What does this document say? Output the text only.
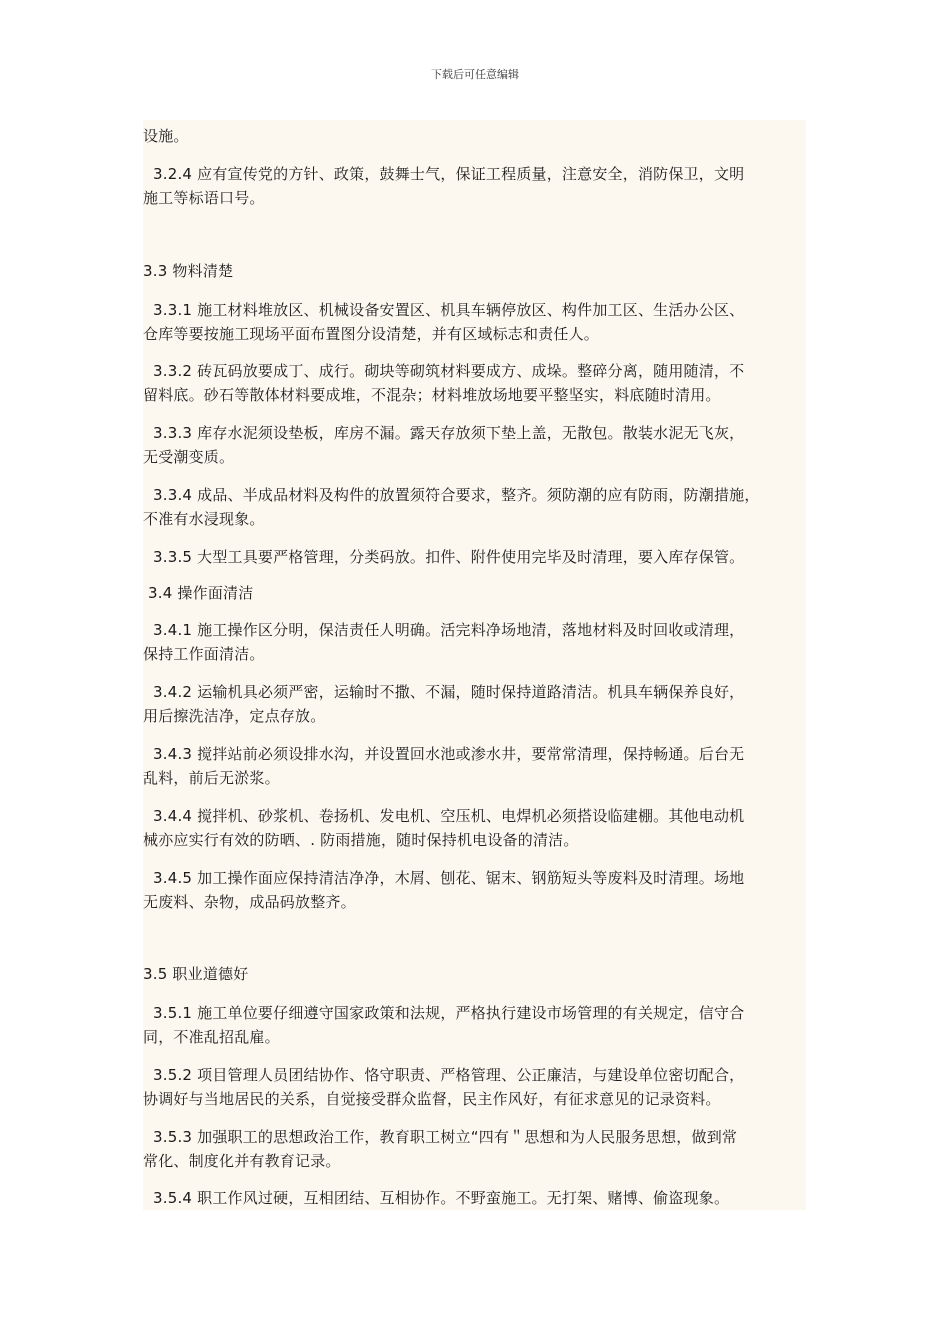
下载后可任意编辑
设施。
3.2.4 应有宣传党的方针、政策，鼓舞士气，保证工程质量，注意安全，消防保卫，文明
施工等标语口号。
3.3 物料清楚
3.3.1 施工材料堆放区、机械设备安置区、机具车辆停放区、构件加工区、生活办公区、
仓库等要按施工现场平面布置图分设清楚，并有区域标志和责任人。
3.3.2 砖瓦码放要成丁、成行。砌块等砌筑材料要成方、成垛。整碎分离，随用随清，不
留料底。砂石等散体材料要成堆，不混杂；材料堆放场地要平整坚实，料底随时清用。
3.3.3 库存水泥须设垫板，库房不漏。露天存放须下垫上盖，无散包。散装水泥无飞灰，
无受潮变质。
3.3.4 成品、半成品材料及构件的放置须符合要求，整齐。须防潮的应有防雨，防潮措施，
不准有水浸现象。
3.3.5 大型工具要严格管理，分类码放。扣件、附件使用完毕及时清理，要入库存保管。
3.4 操作面清洁
3.4.1 施工操作区分明，保洁责任人明确。活完料净场地清，落地材料及时回收或清理，
保持工作面清洁。
3.4.2 运输机具必须严密，运输时不撒、不漏，随时保持道路清洁。机具车辆保养良好，
用后擦洗洁净，定点存放。
3.4.3 搅拌站前必须设排水沟，并设置回水池或渗水井，要常常清理，保持畅通。后台无
乱料，前后无淤浆。
3.4.4 搅拌机、砂浆机、卷扬机、发电机、空压机、电焊机必须搭设临建棚。其他电动机
械亦应实行有效的防晒、. 防雨措施，随时保持机电设备的清洁。
3.4.5 加工操作面应保持清洁净净，木屑、刨花、锯末、钢筋短头等废料及时清理。场地
无废料、杂物，成品码放整齐。
3.5 职业道德好
3.5.1 施工单位要仔细遵守国家政策和法规，严格执行建设市场管理的有关规定，信守合
同，不准乱招乱雇。
3.5.2 项目管理人员团结协作、恪守职责、严格管理、公正廉洁，与建设单位密切配合，
协调好与当地居民的关系，自觉接受群众监督，民主作风好，有征求意见的记录资料。
3.5.3 加强职工的思想政治工作，教育职工树立“四有＂思想和为人民服务思想，做到常
常化、制度化并有教育记录。
3.5.4 职工作风过硬，互相团结、互相协作。不野蛮施工。无打架、赌博、偷盗现象。
